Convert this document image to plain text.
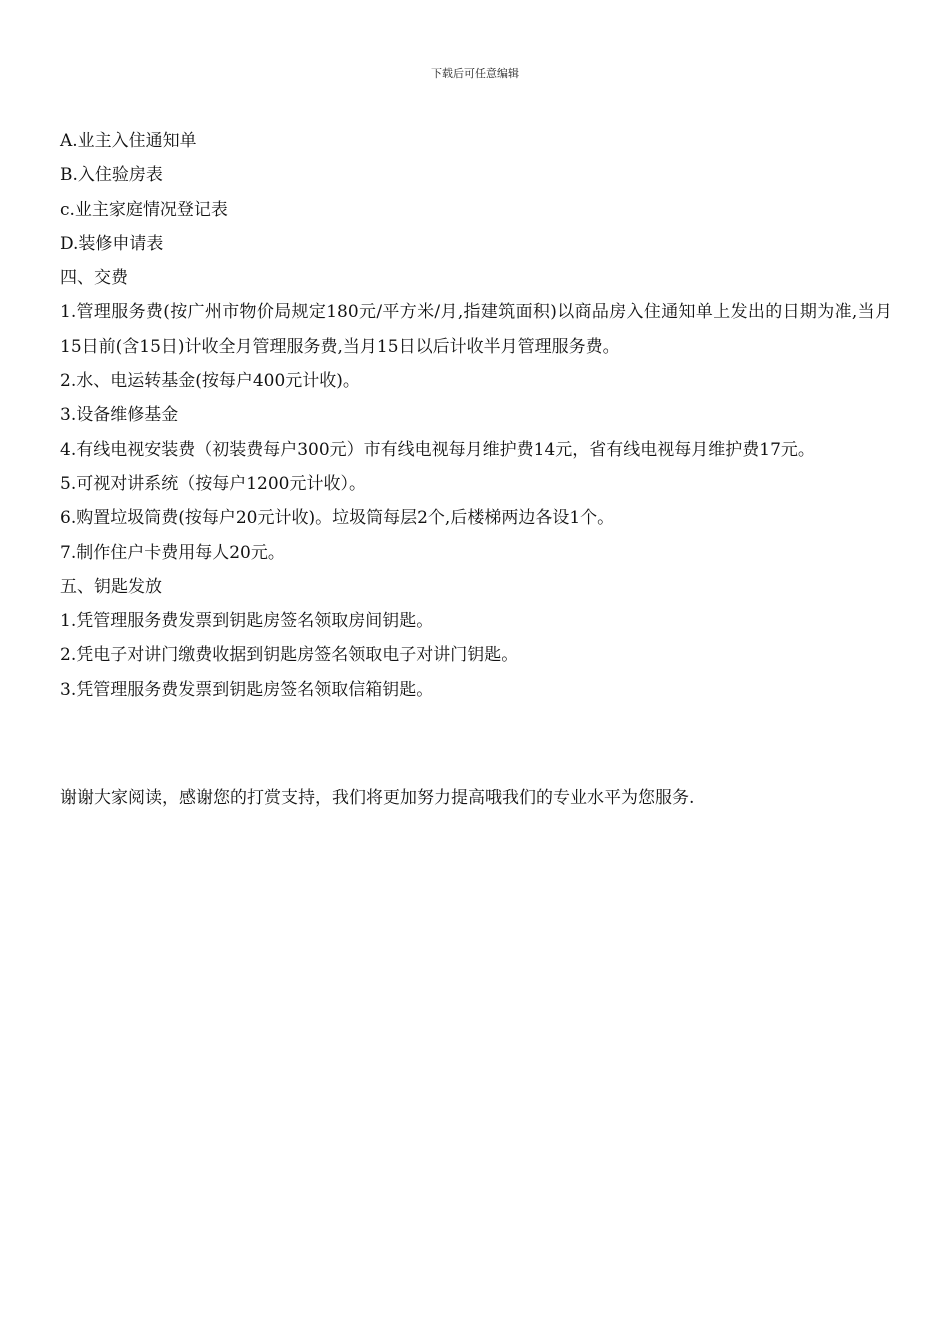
下载后可任意编辑
A.业主入住通知单
B.入住验房表
c.业主家庭情况登记表
D.装修申请表
四、交费
1.管理服务费(按广州市物价局规定180元/平方米/月,指建筑面积)以商品房入住通知单上发出的日期为准,当月15日前(含15日)计收全月管理服务费,当月15日以后计收半月管理服务费。
2.水、电运转基金(按每户400元计收)。
3.设备维修基金
4.有线电视安装费（初装费每户300元）市有线电视每月维护费14元，省有线电视每月维护费17元。
5.可视对讲系统（按每户1200元计收）。
6.购置垃圾筒费(按每户20元计收)。垃圾筒每层2个,后楼梯两边各设1个。
7.制作住户卡费用每人20元。
五、钥匙发放
1.凭管理服务费发票到钥匙房签名领取房间钥匙。
2.凭电子对讲门缴费收据到钥匙房签名领取电子对讲门钥匙。
3.凭管理服务费发票到钥匙房签名领取信箱钥匙。
谢谢大家阅读，感谢您的打赏支持，我们将更加努力提高哦我们的专业水平为您服务.
